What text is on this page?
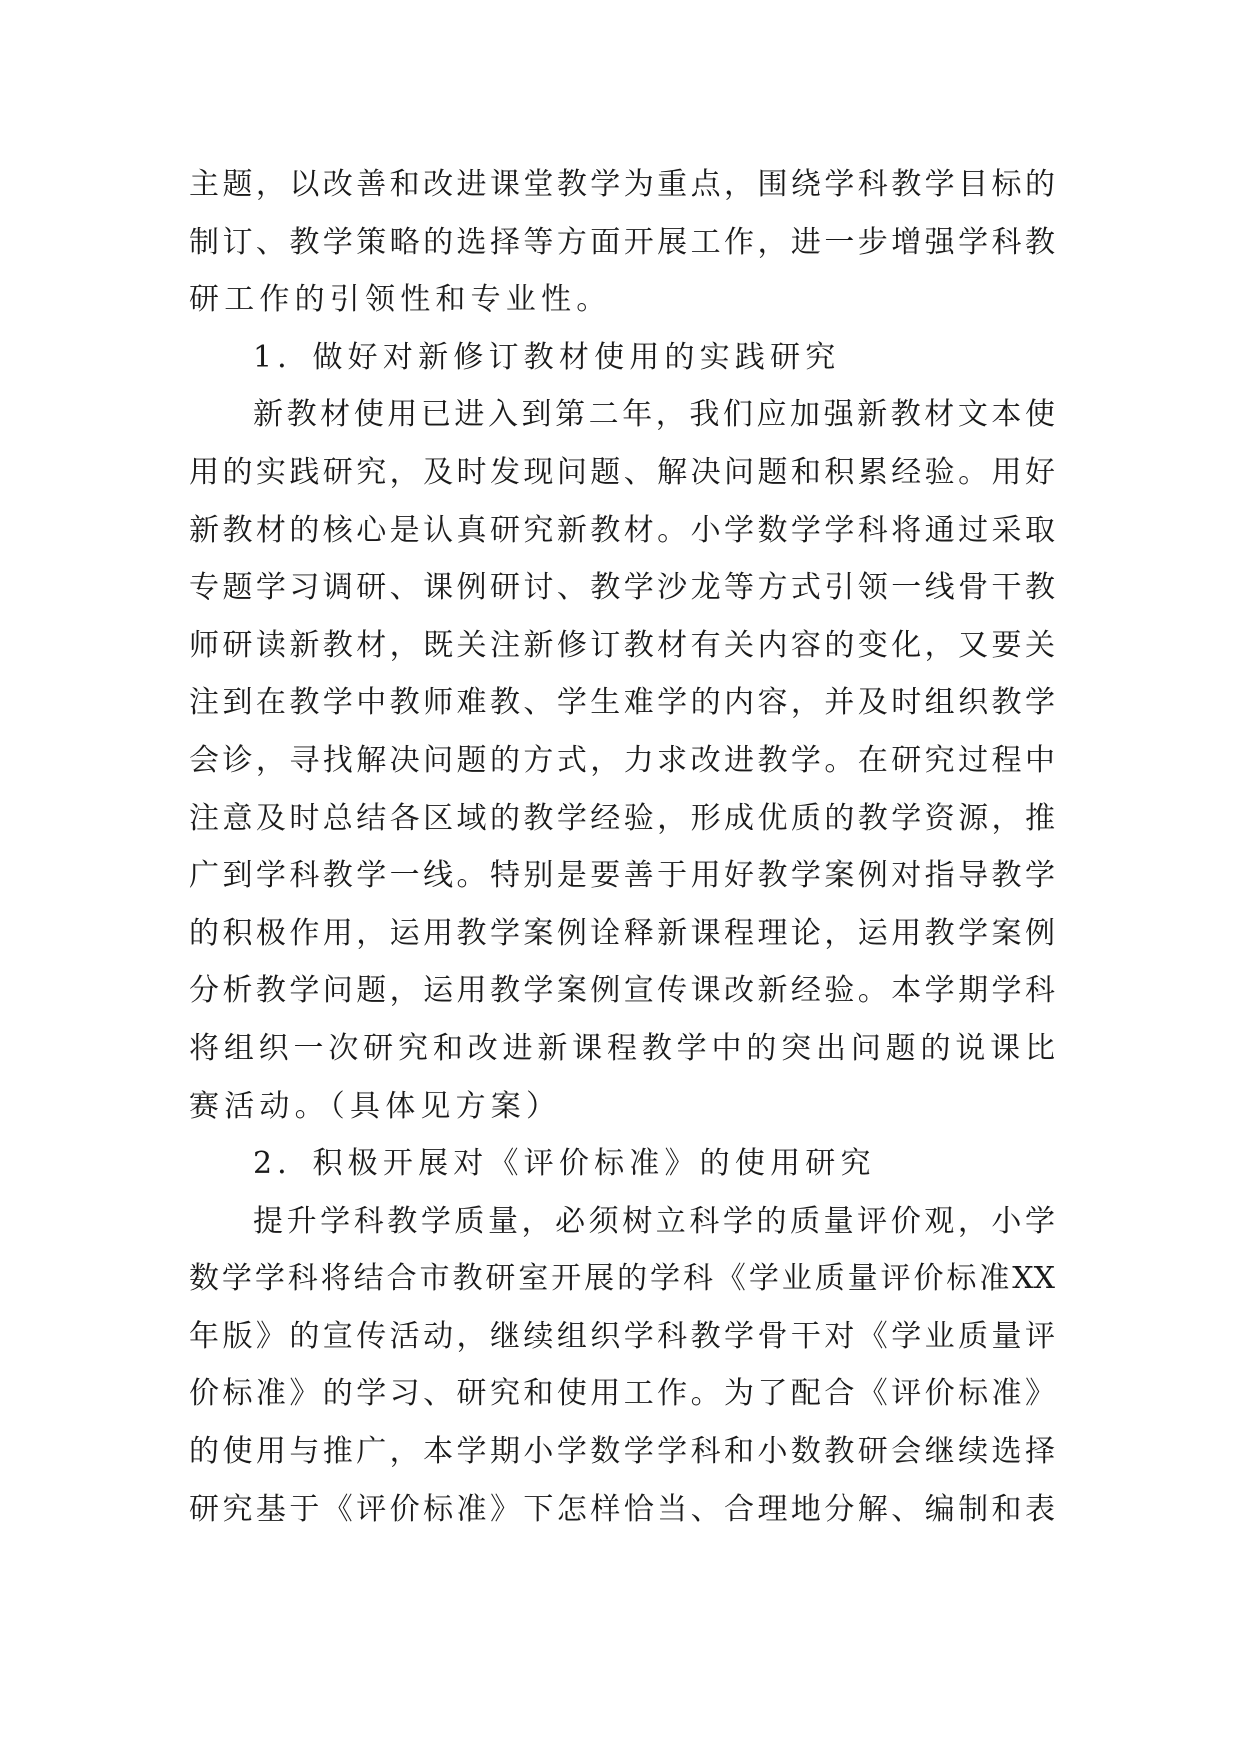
主题，以改善和改进课堂教学为重点，围绕学科教学目标的
制订、教学策略的选择等方面开展工作，进一步增强学科教
研工作的引领性和专业性。
1．做好对新修订教材使用的实践研究
新教材使用已进入到第二年，我们应加强新教材文本使
用的实践研究，及时发现问题、解决问题和积累经验。用好
新教材的核心是认真研究新教材。小学数学学科将通过采取
专题学习调研、课例研讨、教学沙龙等方式引领一线骨干教
师研读新教材，既关注新修订教材有关内容的变化，又要关
注到在教学中教师难教、学生难学的内容，并及时组织教学
会诊，寻找解决问题的方式，力求改进教学。在研究过程中
注意及时总结各区域的教学经验，形成优质的教学资源，推
广到学科教学一线。特别是要善于用好教学案例对指导教学
的积极作用，运用教学案例诠释新课程理论，运用教学案例
分析教学问题，运用教学案例宣传课改新经验。本学期学科
将组织一次研究和改进新课程教学中的突出问题的说课比
赛活动。（具体见方案）
2．积极开展对《评价标准》的使用研究
提升学科教学质量，必须树立科学的质量评价观，小学
数学学科将结合市教研室开展的学科《学业质量评价标准XX
年版》的宣传活动，继续组织学科教学骨干对《学业质量评
价标准》的学习、研究和使用工作。为了配合《评价标准》
的使用与推广，本学期小学数学学科和小数教研会继续选择
研究基于《评价标准》下怎样恰当、合理地分解、编制和表
